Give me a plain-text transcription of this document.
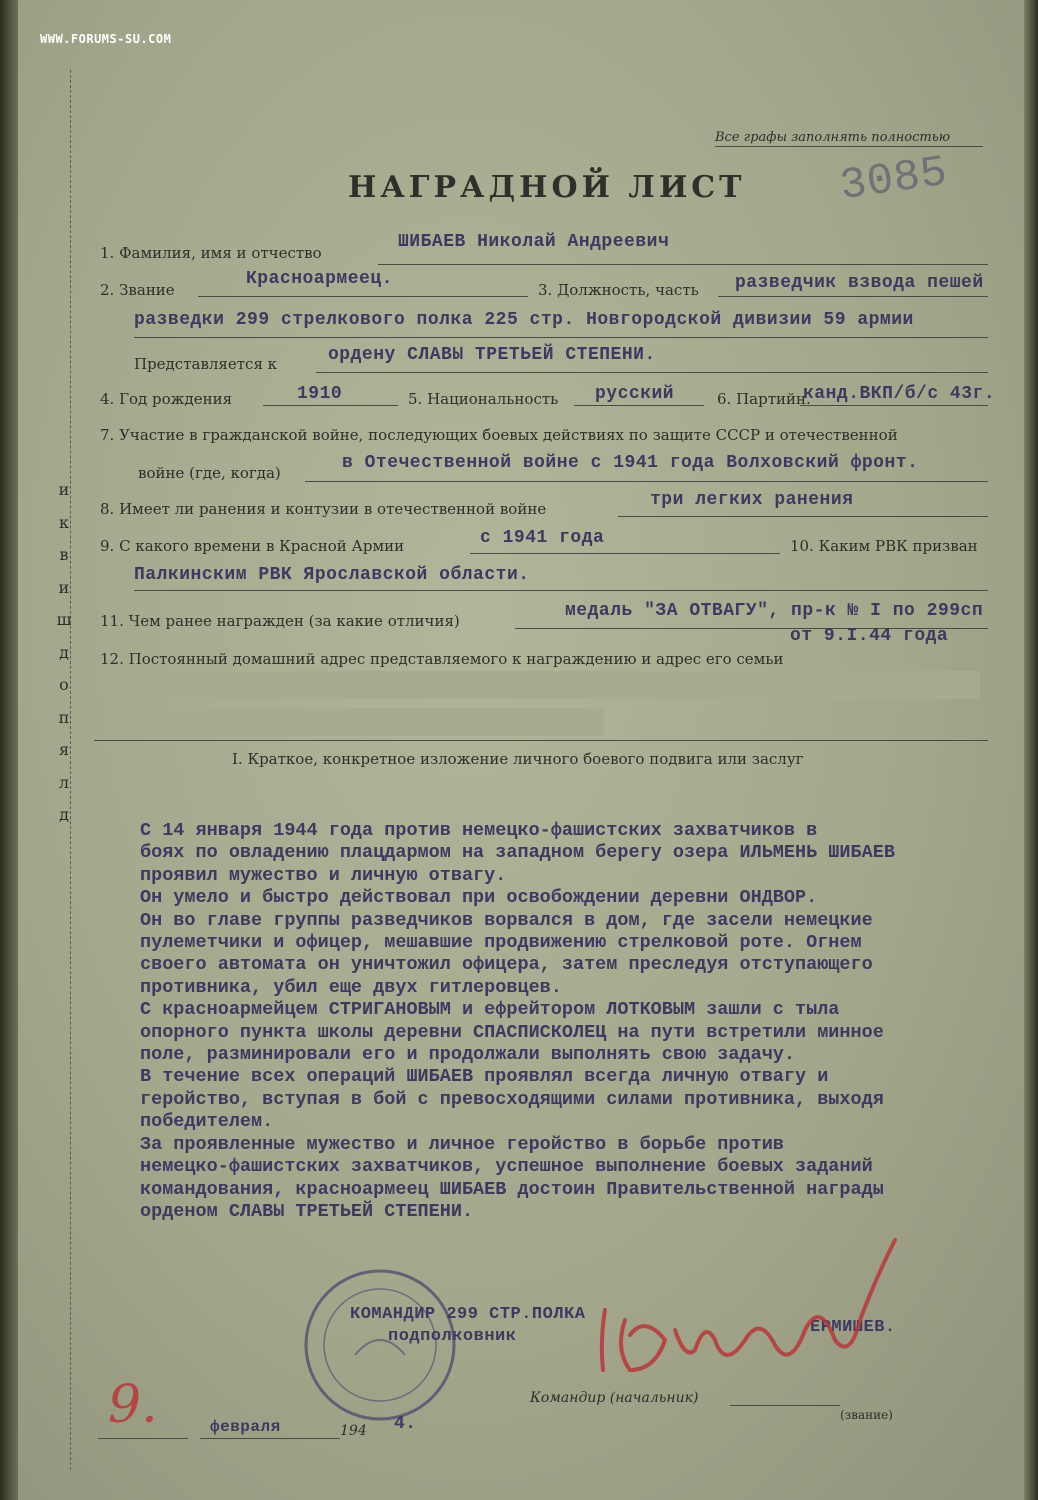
WWW.FORUMS-SU.COM
Все графы заполнять полностью
3085
НАГРАДНОЙ ЛИСТ
и
к
в
и
ш
д
о
п
я
л
д
1. Фамилия, имя и отчество
ШИБАЕВ Николай Андреевич
2. Звание
Красноармеец.
3. Должность, часть разведчик взвода пешей
разведки 299 стрелкового полка 225 стр. Новгородской дивизии 59 армии
Представляется к	ордену СЛАВЫ ТРЕТЬЕЙ СТЕПЕНИ.
4. Год рождения	1910	5. Национальность русский	6. Партийн.
канд.ВКП/б/с 43г.
7. Участие в гражданской войне, последующих боевых действиях по защите СССР и отечественной
войне (где, когда)	в Отечественной войне с 1941 года Волховский фронт.
8. Имеет ли ранения и контузии в отечественной войне	три легких ранения
9. С какого времени в Красной Армии	с 1941 года	10. Каким РВК призван
Палкинским РВК Ярославской области.
11. Чем ранее награжден (за какие отличия)	медаль "ЗА ОТВАГУ", пр-к № I по 299сп
от 9.I.44 года
12. Постоянный домашний адрес представляемого к награждению и адрес его семьи
I. Краткое, конкретное изложение личного боевого подвига или заслуг

С 14 января 1944 года против немецко-фашистских захватчиков в

боях по овладению плацдармом на западном берегу озера ИЛЬМЕНЬ ШИБАЕВ

проявил мужество и личную отвагу.

Он умело и быстро действовал при освобождении деревни ОНДВОР.

Он во главе группы разведчиков ворвался в дом, где засели немецкие

пулеметчики и офицер, мешавшие продвижению стрелковой роте. Огнем

своего автомата он уничтожил офицера, затем преследуя отступающего

противника, убил еще двух гитлеровцев.

С красноармейцем СТРИГАНОВЫМ и ефрейтором ЛОТКОВЫМ зашли с тыла

опорного пункта школы деревни СПАСПИСКОЛЕЦ на пути встретили минное

поле, разминировали его и продолжали выполнять свою задачу.

В течение всех операций ШИБАЕВ проявлял всегда личную отвагу и

геройство, вступая в бой с превосходящими силами противника, выходя

победителем.

За проявленные мужество и личное геройство в борьбе против

немецко-фашистских захватчиков, успешное выполнение боевых заданий

командования, красноармеец ШИБАЕВ достоин Правительственной награды

орденом СЛАВЫ ТРЕТЬЕЙ СТЕПЕНИ.

КОМАНДИР 299 СТР.ПОЛКА
подполковник	ЕРМИШЕВ.
Командир (начальник)
(звание)
9.	февраля	194 4.
